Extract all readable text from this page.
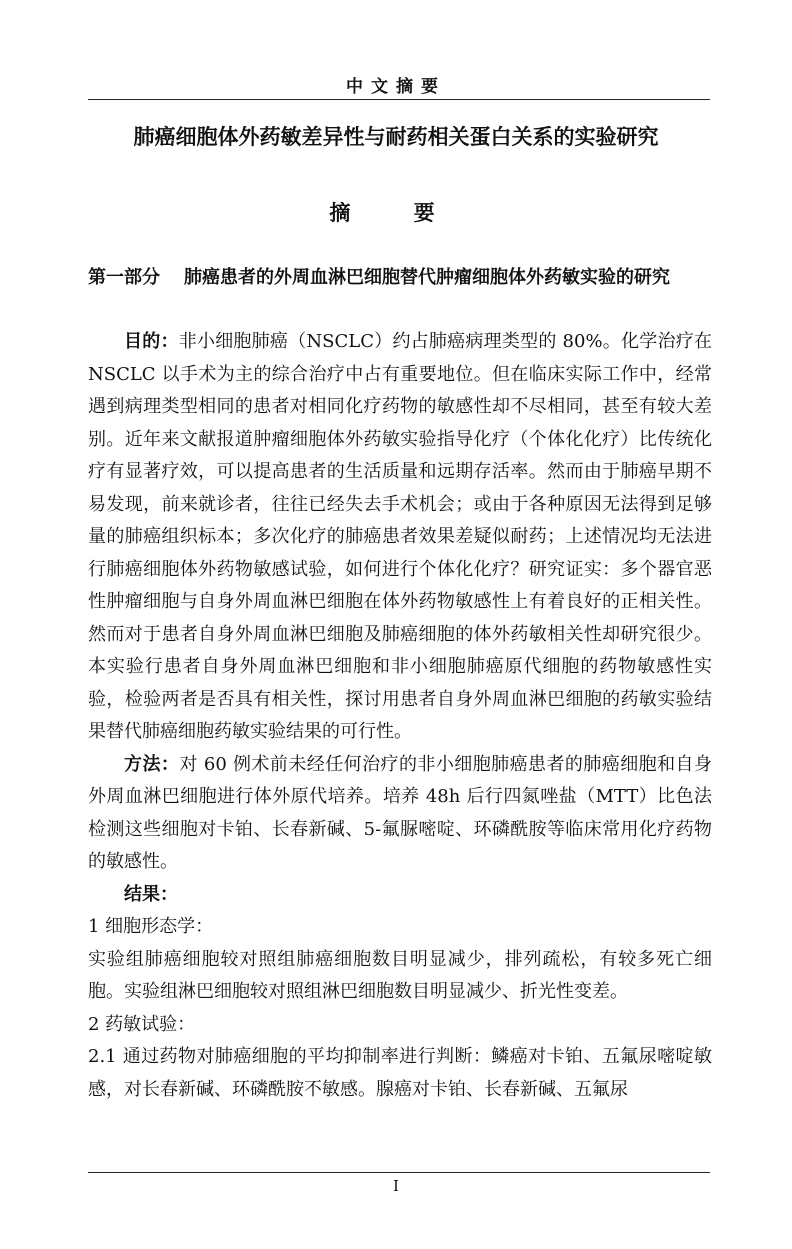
中文摘要
肺癌细胞体外药敏差异性与耐药相关蛋白关系的实验研究
摘 要
第一部分 肺癌患者的外周血淋巴细胞替代肿瘤细胞体外药敏实验的研究

目的：非小细胞肺癌（NSCLC）约占肺癌病理类型的 80%。化学治疗在 NSCLC 以手术为主的综合治疗中占有重要地位。但在临床实际工作中，经常遇到病理类型相同的患者对相同化疗药物的敏感性却不尽相同，甚至有较大差别。近年来文献报道肿瘤细胞体外药敏实验指导化疗（个体化化疗）比传统化疗有显著疗效，可以提高患者的生活质量和远期存活率。然而由于肺癌早期不易发现，前来就诊者，往往已经失去手术机会；或由于各种原因无法得到足够量的肺癌组织标本；多次化疗的肺癌患者效果差疑似耐药；上述情况均无法进行肺癌细胞体外药物敏感试验，如何进行个体化化疗？研究证实：多个器官恶性肿瘤细胞与自身外周血淋巴细胞在体外药物敏感性上有着良好的正相关性。然而对于患者自身外周血淋巴细胞及肺癌细胞的体外药敏相关性却研究很少。本实验行患者自身外周血淋巴细胞和非小细胞肺癌原代细胞的药物敏感性实验，检验两者是否具有相关性，探讨用患者自身外周血淋巴细胞的药敏实验结果替代肺癌细胞药敏实验结果的可行性。

方法：对 60 例术前未经任何治疗的非小细胞肺癌患者的肺癌细胞和自身外周血淋巴细胞进行体外原代培养。培养 48h 后行四氮唑盐（MTT）比色法检测这些细胞对卡铂、长春新碱、5-氟脲嘧啶、环磷酰胺等临床常用化疗药物的敏感性。

结果：

1 细胞形态学：

实验组肺癌细胞较对照组肺癌细胞数目明显减少，排列疏松，有较多死亡细胞。实验组淋巴细胞较对照组淋巴细胞数目明显减少、折光性变差。

2 药敏试验：

2.1 通过药物对肺癌细胞的平均抑制率进行判断：鳞癌对卡铂、五氟尿嘧啶敏感，对长春新碱、环磷酰胺不敏感。腺癌对卡铂、长春新碱、五氟尿

I
